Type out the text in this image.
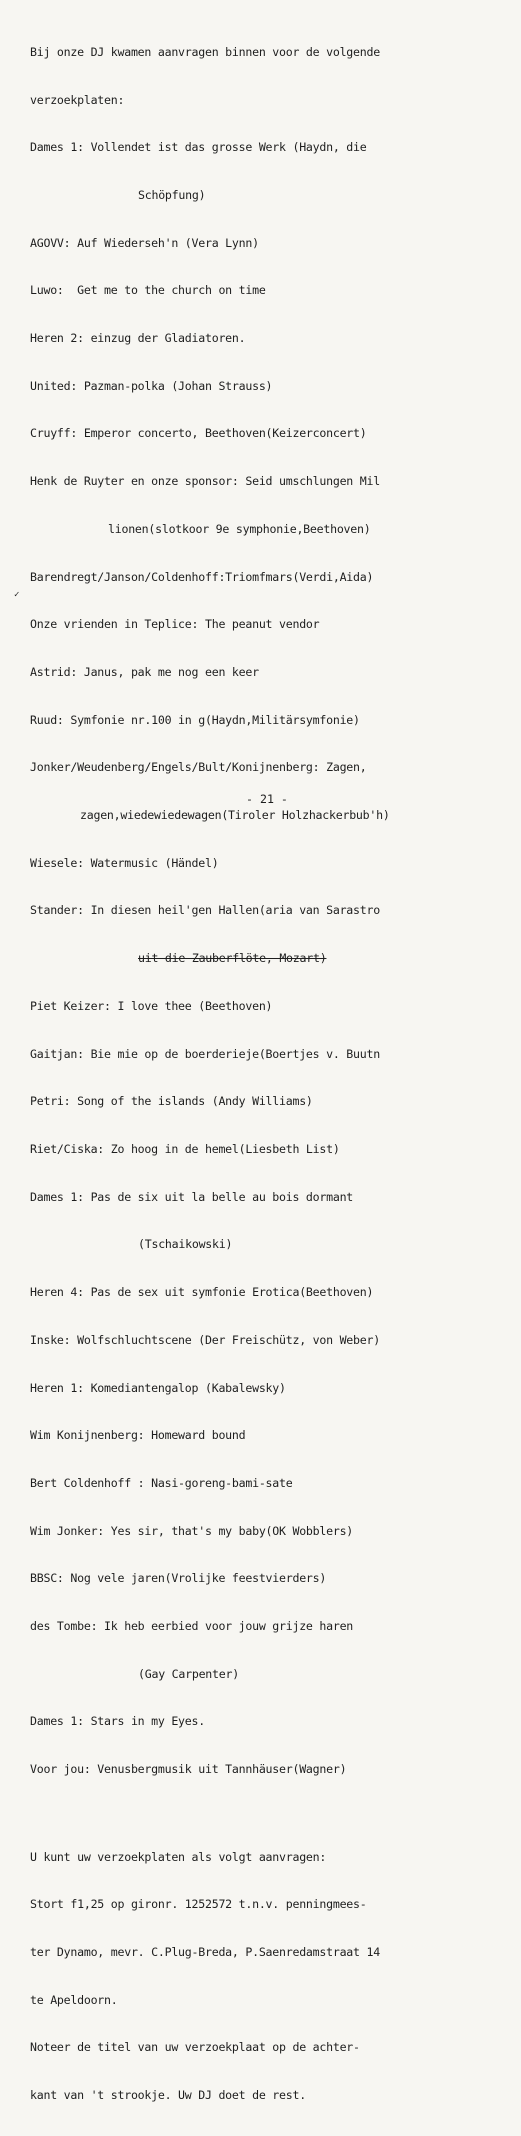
Bij onze DJ kwamen aanvragen binnen voor de volgende

verzoekplaten:

Dames 1: Vollendet ist das grosse Werk (Haydn, die

Schöpfung)

AGOVV: Auf Wiederseh'n (Vera Lynn)

Luwo:  Get me to the church on time

Heren 2: einzug der Gladiatoren.

United: Pazman-polka (Johan Strauss)

Cruyff: Emperor concerto, Beethoven(Keizerconcert)

Henk de Ruyter en onze sponsor: Seid umschlungen Mil

lionen(slotkoor 9e symphonie,Beethoven)

Barendregt/Janson/Coldenhoff:Triomfmars(Verdi,Aida)

Onze vrienden in Teplice: The peanut vendor

Astrid: Janus, pak me nog een keer

Ruud: Symfonie nr.100 in g(Haydn,Militärsymfonie)

Jonker/Weudenberg/Engels/Bult/Konijnenberg: Zagen,

zagen,wiedewiedewagen(Tiroler Holzhackerbub'h)

Wiesele: Watermusic (Händel)

Stander: In diesen heil'gen Hallen(aria van Sarastro

uit die Zauberflöte, Mozart)

Piet Keizer: I love thee (Beethoven)

Gaitjan: Bie mie op de boerderieje(Boertjes v. Buutn

Petri: Song of the islands (Andy Williams)

Riet/Ciska: Zo hoog in de hemel(Liesbeth List)

Dames 1: Pas de six uit la belle au bois dormant

(Tschaikowski)

Heren 4: Pas de sex uit symfonie Erotica(Beethoven)

Inske: Wolfschluchtscene (Der Freischütz, von Weber)

Heren 1: Komediantengalop (Kabalewsky)

Wim Konijnenberg: Homeward bound

Bert Coldenhoff : Nasi-goreng-bami-sate

Wim Jonker: Yes sir, that's my baby(OK Wobblers)

BBSC: Nog vele jaren(Vrolijke feestvierders)

des Tombe: Ik heb eerbied voor jouw grijze haren

(Gay Carpenter)

Dames 1: Stars in my Eyes.

Voor jou: Venusbergmusik uit Tannhäuser(Wagner)

U kunt uw verzoekplaten als volgt aanvragen:

Stort f1,25 op gironr. 1252572 t.n.v. penningmees-

ter Dynamo, mevr. C.Plug-Breda, P.Saenredamstraat 14

te Apeldoorn.

Noteer de titel van uw verzoekplaat op de achter-

kant van 't strookje. Uw DJ doet de rest.

✓
- 21 -
